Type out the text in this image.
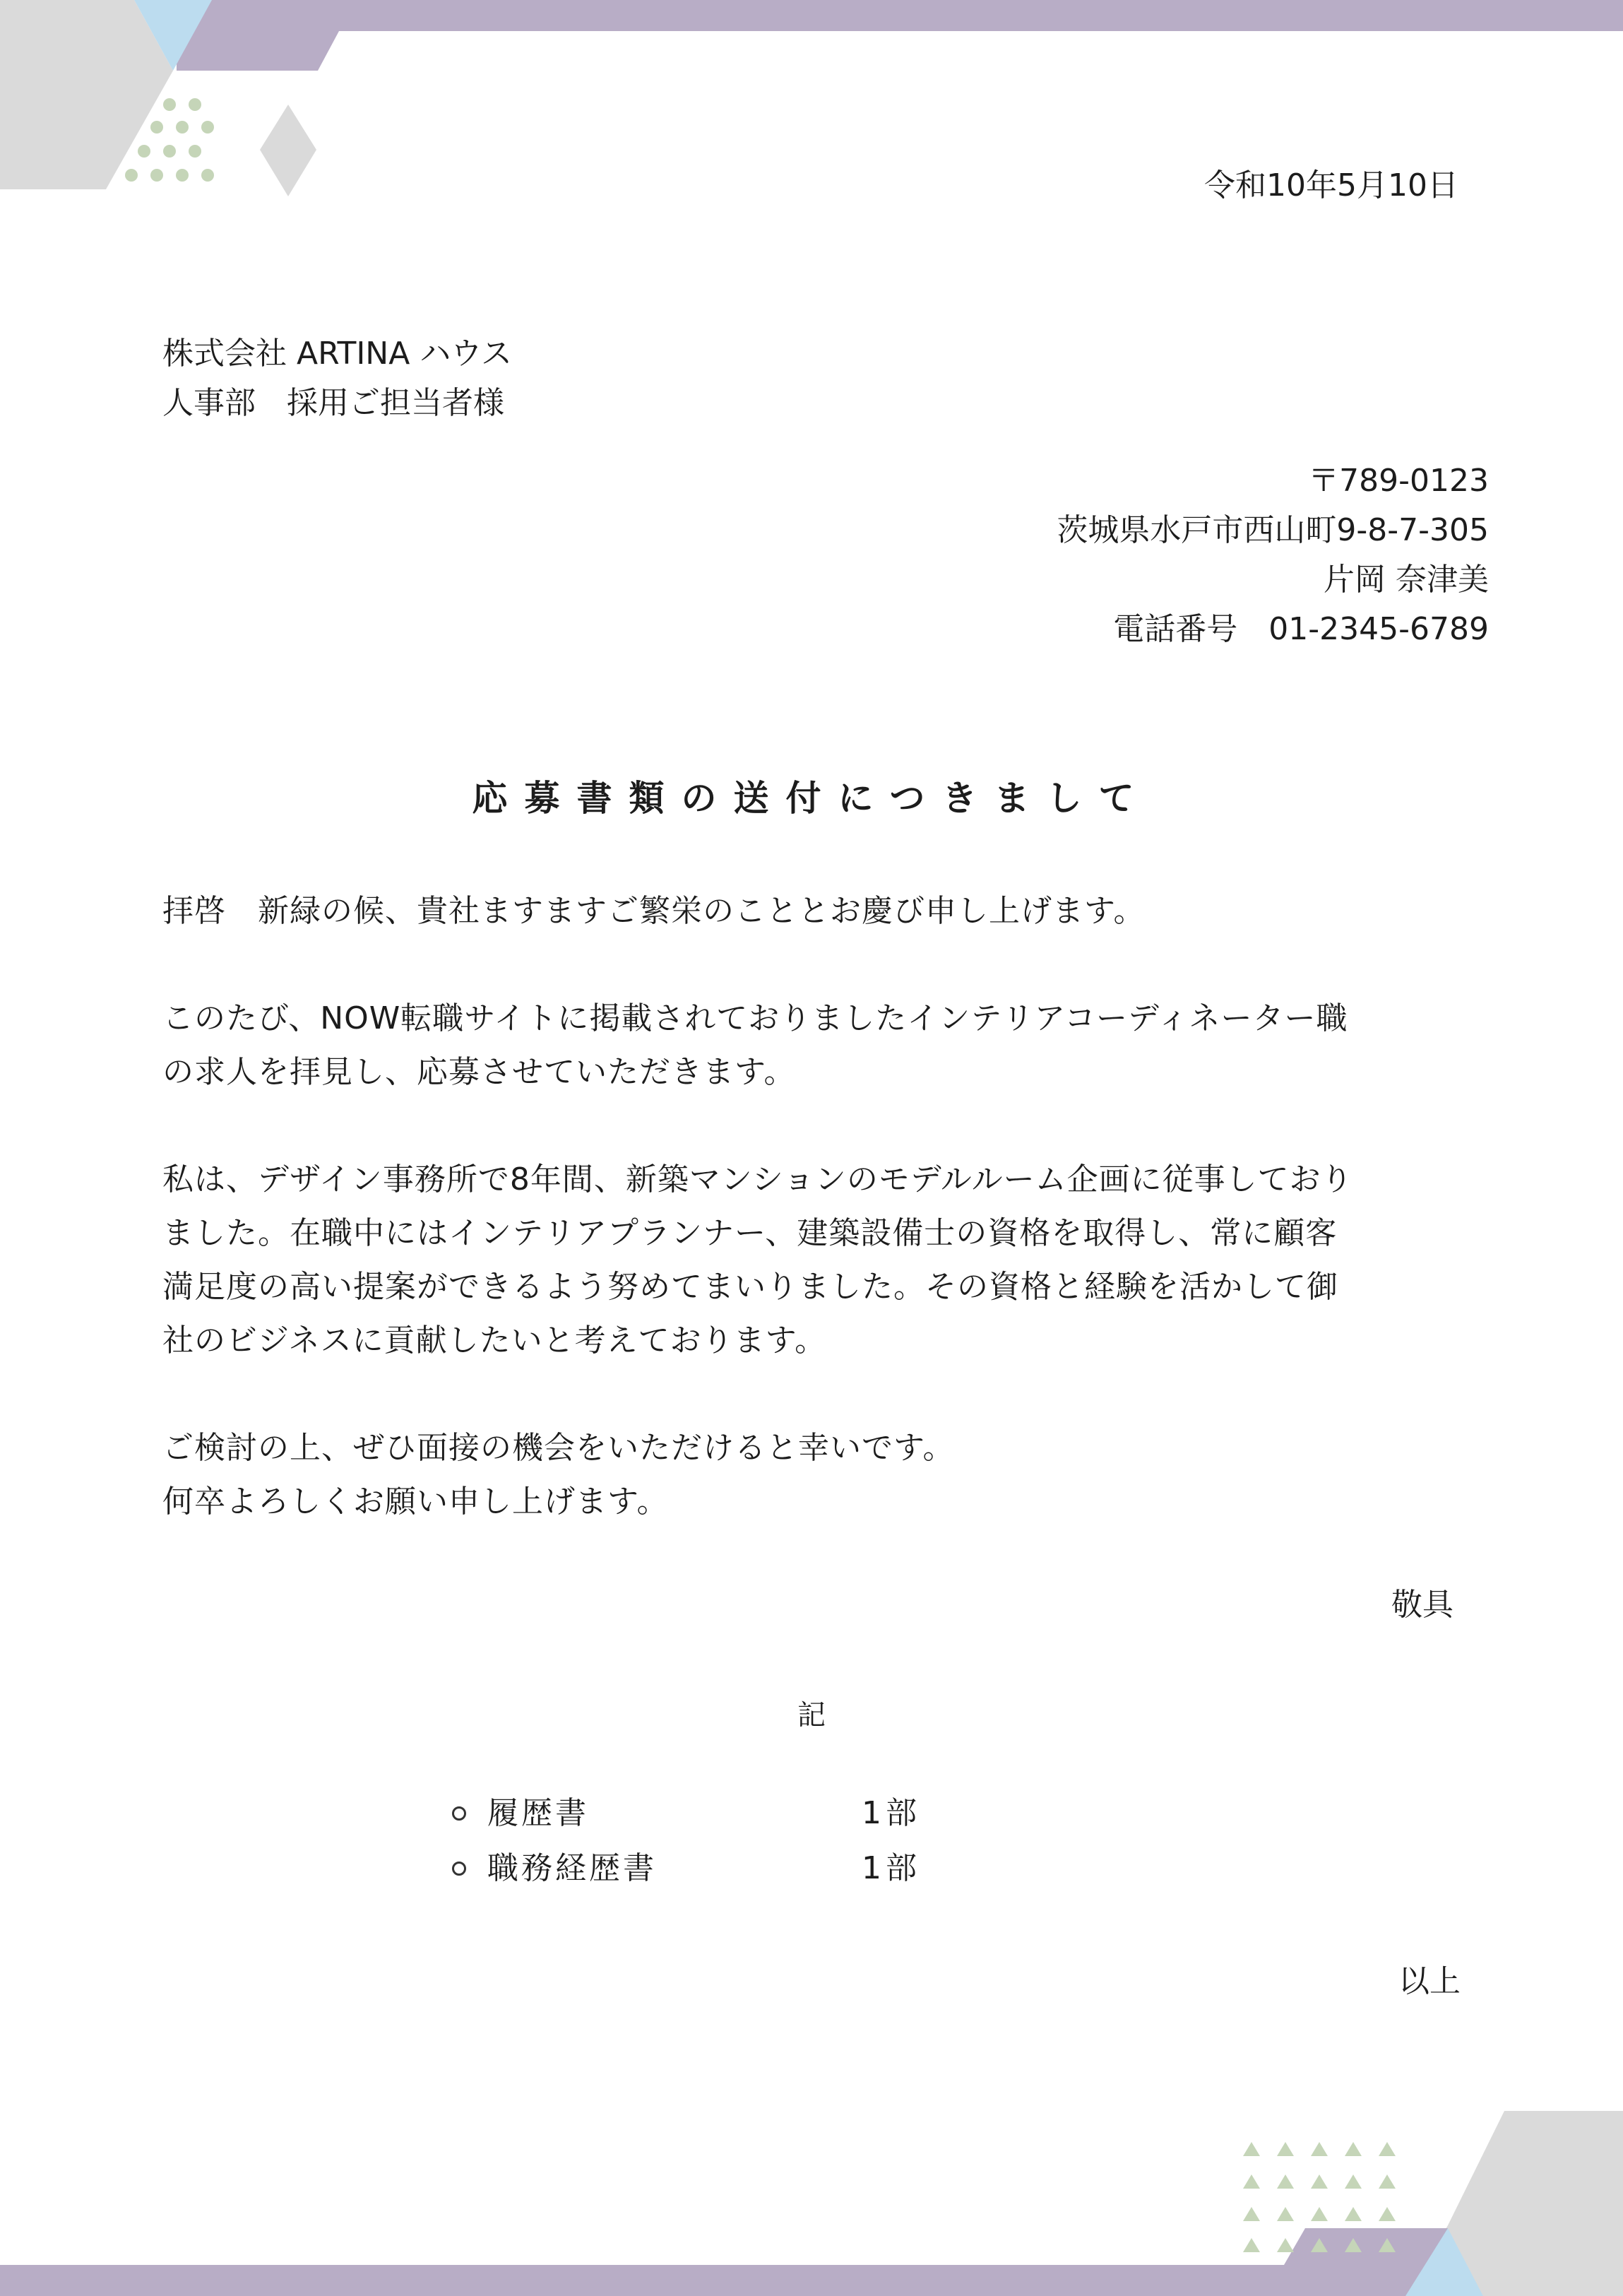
令和10年5月10日
株式会社 ARTINA ハウス
人事部　採用ご担当者様
〒789-0123
茨城県水戸市西山町9-8-7-305
片岡 奈津美
電話番号　01-2345-6789
応募書類の送付につきまして

拝啓　新緑の候、貴社ますますご繁栄のこととお慶び申し上げます。

このたび、NOW転職サイトに掲載されておりましたインテリアコーディネーター職
の求人を拝見し、応募させていただきます。

私は、デザイン事務所で8年間、新築マンションのモデルルーム企画に従事しており
ました。在職中にはインテリアプランナー、建築設備士の資格を取得し、常に顧客
満足度の高い提案ができるよう努めてまいりました。その資格と経験を活かして御
社のビジネスに貢献したいと考えております。

ご検討の上、ぜひ面接の機会をいただけると幸いです。
何卒よろしくお願い申し上げます。

敬具
記
履歴書	1部
職務経歴書	1部
以上
